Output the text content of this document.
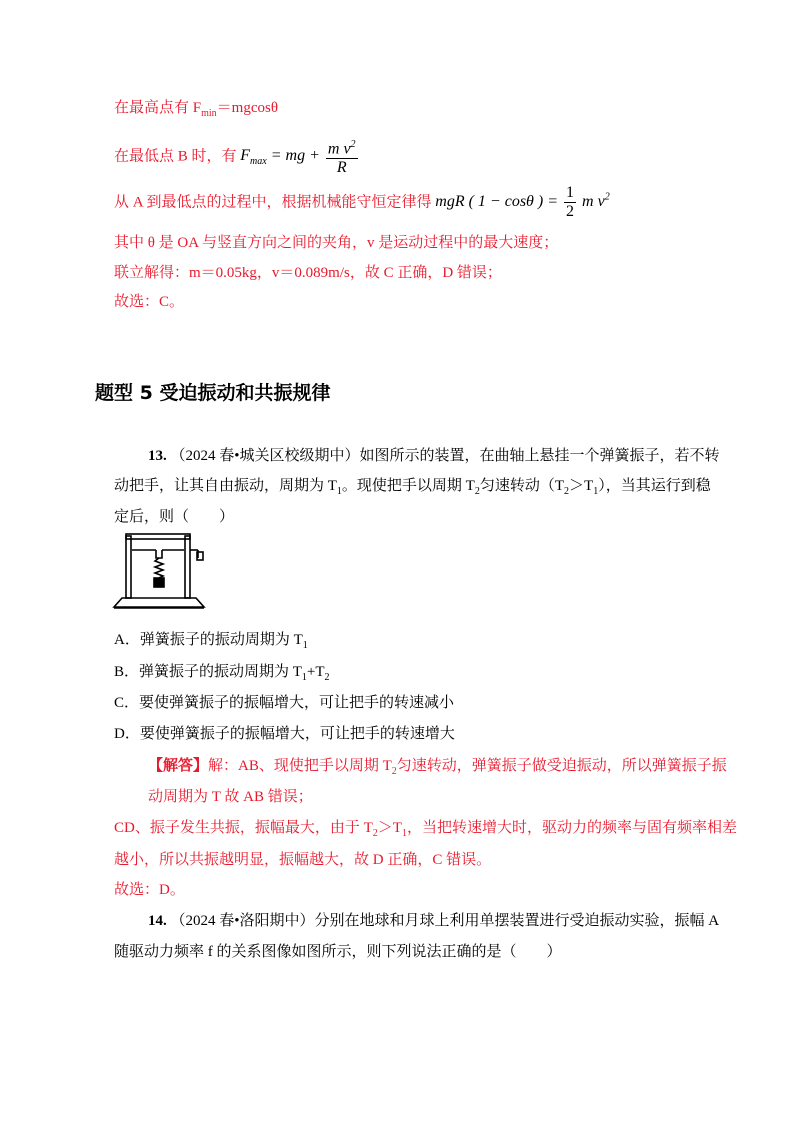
在最高点有 $F_{min}=mgcos\theta$
在最低点 B 时，有 $F_{max}$ = mg + $\frac{m v^2}{R}$
从 A 到最低点的过程中，根据机械能守恒定律得 mgR ( 1 − cosθ ) = $\frac{1}{2}$ m $v^2$
其中 θ 是 OA 与竖直方向之间的夹角，v 是运动过程中的最大速度；
联立解得：m＝0.05kg，v＝0.089m/s，故 C 正确，D 错误；
故选：C。
题型 5 受迫振动和共振规律
13. （2024 春•城关区校级期中）如图所示的装置，在曲轴上悬挂一个弹簧振子，若不转
动把手，让其自由振动，周期为 $T_1$。现使把手以周期 $T_2$匀速转动$(T_2>T_1)$，当其运行到稳
定后，则（　　）
A．弹簧振子的振动周期为 $T_1$
B．弹簧振子的振动周期为 $T_1+T_2$
C．要使弹簧振子的振幅增大，可让把手的转速减小
D．要使弹簧振子的振幅增大，可让把手的转速增大
【解答】解：AB、现使把手以周期 $T_2$匀速转动，弹簧振子做受迫振动，所以弹簧振子振
动周期为 T 故 AB 错误；
CD、振子发生共振，振幅最大，由于 $T_2>T_1$，当把转速增大时，驱动力的频率与固有频率相差
越小，所以共振越明显，振幅越大，故 D 正确，C 错误。
故选：D。
14. （2024 春•洛阳期中）分别在地球和月球上利用单摆装置进行受迫振动实验，振幅 A
随驱动力频率 f 的关系图像如图所示，则下列说法正确的是（　　）
